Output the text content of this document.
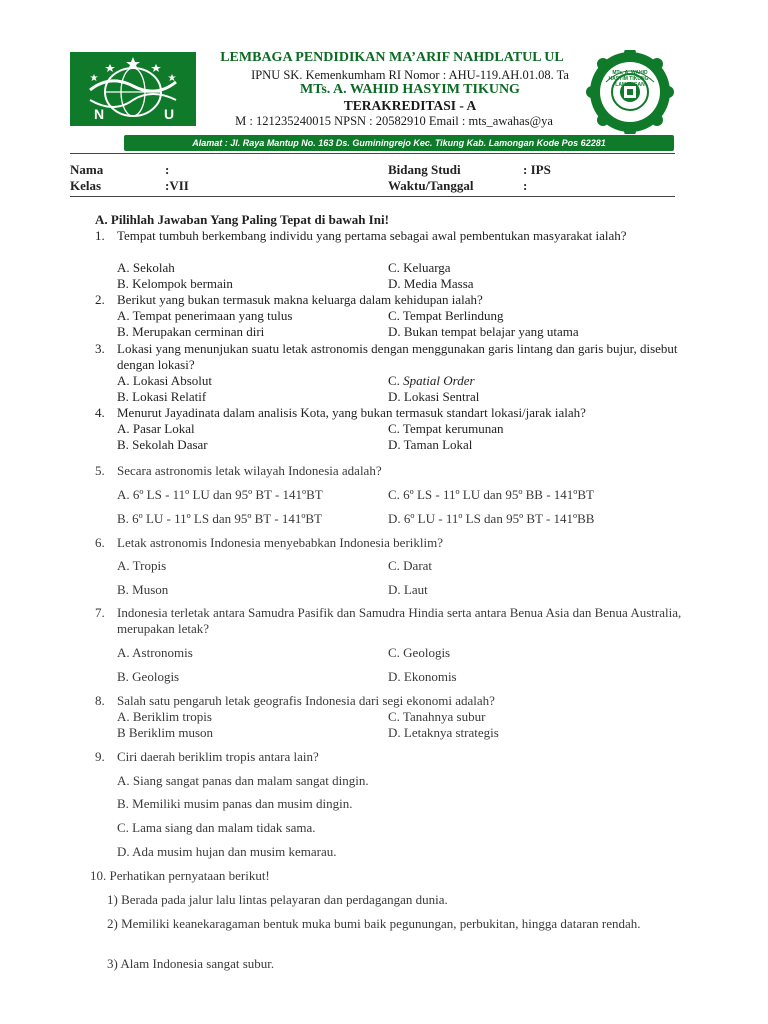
N	U
LEMBAGA PENDIDIKAN MA’ARIF NAHDLATUL UL
IPNU SK. Kemenkumham RI Nomor : AHU-119.AH.01.08. Ta
MTs. A. WAHID HASYIM TIKUNG
TERAKREDITASI - A
M : 121235240015 NPSN : 20582910 Email : mts_awahas@ya
MTs. A. WAHID HASYIM TIKUNG - LAMONGAN
Alamat : Jl. Raya Mantup No. 163 Ds. Guminingrejo Kec. Tikung Kab. Lamongan Kode Pos 62281
Nama	:
Kelas	:VII
Bidang Studi	: IPS
Waktu/Tanggal	:
A. Pilihlah Jawaban Yang Paling Tepat di bawah Ini!
1. Tempat tumbuh berkembang individu yang pertama sebagai awal pembentukan masyarakat ialah?
A. Sekolah
B. Kelompok bermain
C. Keluarga
D. Media Massa
2. Berikut yang bukan termasuk makna keluarga dalam kehidupan ialah?
A. Tempat penerimaan yang tulus
B. Merupakan cerminan diri
C. Tempat Berlindung
D. Bukan tempat belajar yang utama
3. Lokasi yang menunjukan suatu letak astronomis dengan menggunakan garis lintang dan garis bujur, disebut dengan lokasi?
A. Lokasi Absolut
B. Lokasi Relatif
C. Spatial Order
D. Lokasi Sentral
4. Menurut Jayadinata dalam analisis Kota, yang bukan termasuk standart lokasi/jarak ialah?
A. Pasar Lokal
B. Sekolah Dasar
C. Tempat kerumunan
D. Taman Lokal
5. Secara astronomis letak wilayah Indonesia adalah?
A. 6º LS - 11º LU dan 95º BT - 141ºBT	C. 6º LS - 11º LU dan 95º BB - 141ºBT
B. 6º LU - 11º LS dan 95º BT - 141ºBT	D. 6º LU - 11º LS dan 95º BT - 141ºBB
6. Letak astronomis Indonesia menyebabkan Indonesia beriklim?
A. Tropis	C. Darat
B. Muson	D. Laut
7. Indonesia terletak antara Samudra Pasifik dan Samudra Hindia serta antara Benua Asia dan Benua Australia, merupakan letak?
A. Astronomis	C. Geologis
B. Geologis	D. Ekonomis
8. Salah satu pengaruh letak geografis Indonesia dari segi ekonomi adalah?
A. Beriklim tropis
B Beriklim muson
C. Tanahnya subur
D. Letaknya strategis
9. Ciri daerah beriklim tropis antara lain?
A. Siang sangat panas dan malam sangat dingin.
B. Memiliki musim panas dan musim dingin.
C. Lama siang dan malam tidak sama.
D. Ada musim hujan dan musim kemarau.
10. Perhatikan pernyataan berikut!
1) Berada pada jalur lalu lintas pelayaran dan perdagangan dunia.
2) Memiliki keanekaragaman bentuk muka bumi baik pegunungan, perbukitan, hingga dataran rendah.
3) Alam Indonesia sangat subur.
